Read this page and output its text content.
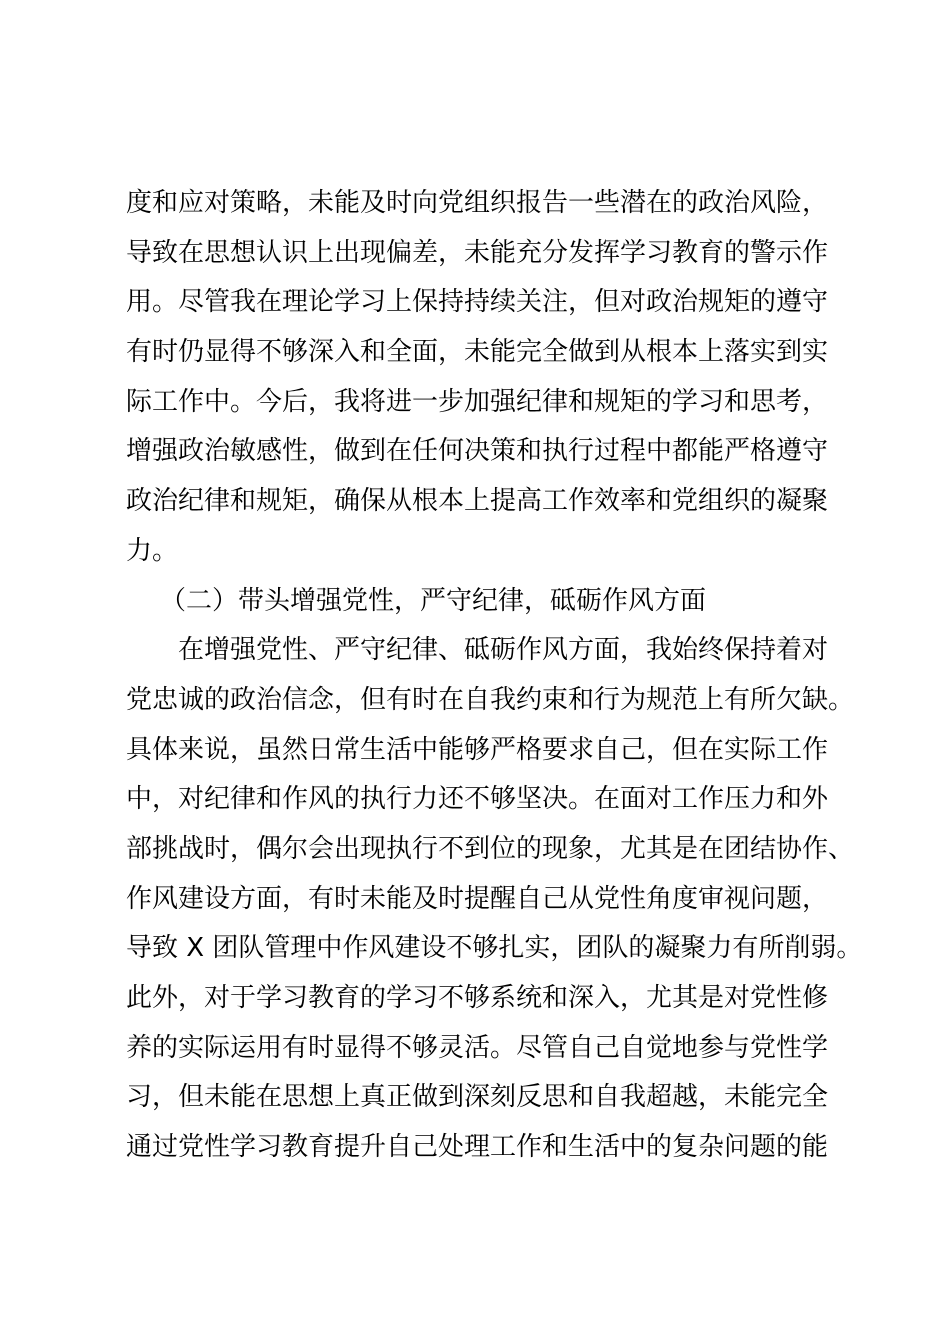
度和应对策略，未能及时向党组织报告一些潜在的政治风险，
导致在思想认识上出现偏差，未能充分发挥学习教育的警示作
用。尽管我在理论学习上保持持续关注，但对政治规矩的遵守
有时仍显得不够深入和全面，未能完全做到从根本上落实到实
际工作中。今后，我将进一步加强纪律和规矩的学习和思考，
增强政治敏感性，做到在任何决策和执行过程中都能严格遵守
政治纪律和规矩，确保从根本上提高工作效率和党组织的凝聚
力。
（二）带头增强党性，严守纪律，砥砺作风方面
在增强党性、严守纪律、砥砺作风方面，我始终保持着对
党忠诚的政治信念，但有时在自我约束和行为规范上有所欠缺。
具体来说，虽然日常生活中能够严格要求自己，但在实际工作
中，对纪律和作风的执行力还不够坚决。在面对工作压力和外
部挑战时，偶尔会出现执行不到位的现象，尤其是在团结协作、
作风建设方面，有时未能及时提醒自己从党性角度审视问题，
导致 X 团队管理中作风建设不够扎实，团队的凝聚力有所削弱。
此外，对于学习教育的学习不够系统和深入，尤其是对党性修
养的实际运用有时显得不够灵活。尽管自己自觉地参与党性学
习，但未能在思想上真正做到深刻反思和自我超越，未能完全
通过党性学习教育提升自己处理工作和生活中的复杂问题的能
